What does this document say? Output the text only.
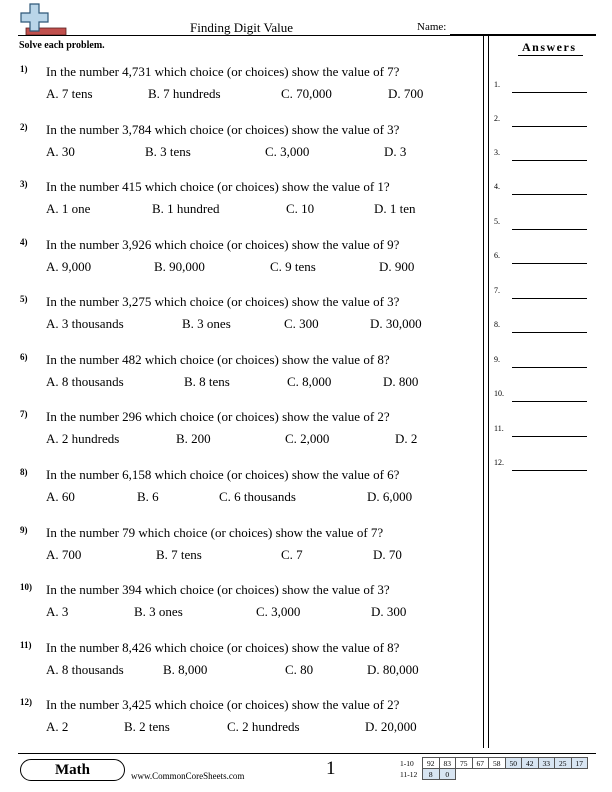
Finding Digit Value	Name:
Solve each problem.	Answers
1.
2.
3.
4.
5.
6.
7.
8.
9.
10.
11.
12.
1) In the number 4,731 which choice (or choices) show the value of 7?
A. 7 tens	B. 7 hundreds	C. 70,000	D. 700
2) In the number 3,784 which choice (or choices) show the value of 3?
A. 30	B. 3 tens	C. 3,000	D. 3
3) In the number 415 which choice (or choices) show the value of 1?
A. 1 one	B. 1 hundred	C. 10	D. 1 ten
4) In the number 3,926 which choice (or choices) show the value of 9?
A. 9,000	B. 90,000	C. 9 tens	D. 900
5) In the number 3,275 which choice (or choices) show the value of 3?
A. 3 thousands	B. 3 ones	C. 300	D. 30,000
6) In the number 482 which choice (or choices) show the value of 8?
A. 8 thousands	B. 8 tens	C. 8,000	D. 800
7) In the number 296 which choice (or choices) show the value of 2?
A. 2 hundreds	B. 200	C. 2,000	D. 2
8) In the number 6,158 which choice (or choices) show the value of 6?
A. 60	B. 6	C. 6 thousands	D. 6,000
9) In the number 79 which choice (or choices) show the value of 7?
A. 700	B. 7 tens	C. 7	D. 70
10) In the number 394 which choice (or choices) show the value of 3?
A. 3	B. 3 ones	C. 3,000	D. 300
11) In the number 8,426 which choice (or choices) show the value of 8?
A. 8 thousands	B. 8,000	C. 80	D. 80,000
12) In the number 3,425 which choice (or choices) show the value of 2?
A. 2	B. 2 tens	C. 2 hundreds	D. 20,000
Math	www.CommonCoreSheets.com	1	1-10	92	83	75	67	58	50	42	33	25	17
11-12	8	0								
